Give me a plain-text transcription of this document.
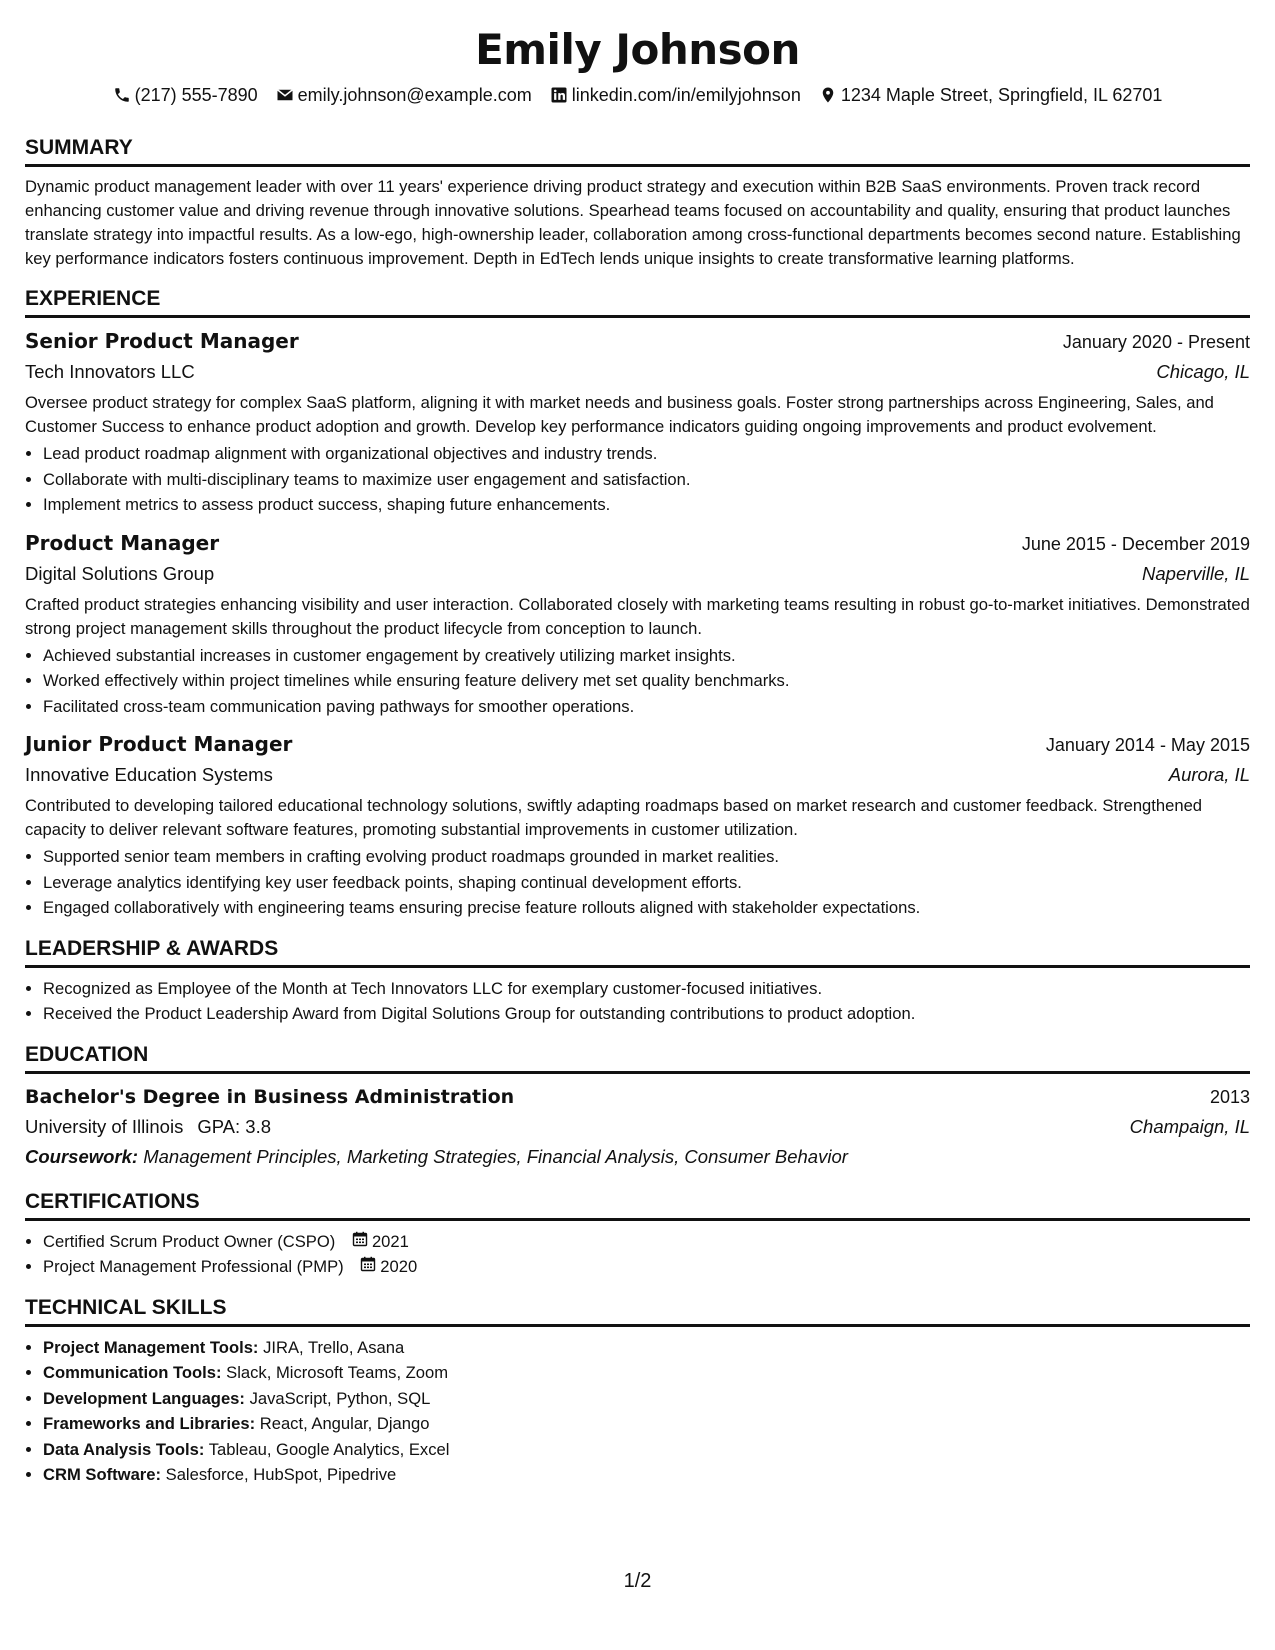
Emily Johnson
(217) 555-7890 emily.johnson@example.com linkedin.com/in/emilyjohnson 1234 Maple Street, Springfield, IL 62701
SUMMARY

Dynamic product management leader with over 11 years' experience driving product strategy and execution within B2B SaaS environments. Proven track record enhancing customer value and driving revenue through innovative solutions. Spearhead teams focused on accountability and quality, ensuring that product launches translate strategy into impactful results. As a low-ego, high-ownership leader, collaboration among cross-functional departments becomes second nature. Establishing key performance indicators fosters continuous improvement. Depth in EdTech lends unique insights to create transformative learning platforms.

EXPERIENCE
Senior Product Manager	January 2020 - Present
Tech Innovators LLC	Chicago, IL

Oversee product strategy for complex SaaS platform, aligning it with market needs and business goals. Foster strong partnerships across Engineering, Sales, and Customer Success to enhance product adoption and growth. Develop key performance indicators guiding ongoing improvements and product evolvement.

• Lead product roadmap alignment with organizational objectives and industry trends.
• Collaborate with multi-disciplinary teams to maximize user engagement and satisfaction.
• Implement metrics to assess product success, shaping future enhancements.
Product Manager	June 2015 - December 2019
Digital Solutions Group	Naperville, IL

Crafted product strategies enhancing visibility and user interaction. Collaborated closely with marketing teams resulting in robust go-to-market initiatives. Demonstrated strong project management skills throughout the product lifecycle from conception to launch.

• Achieved substantial increases in customer engagement by creatively utilizing market insights.
• Worked effectively within project timelines while ensuring feature delivery met set quality benchmarks.
• Facilitated cross-team communication paving pathways for smoother operations.
Junior Product Manager	January 2014 - May 2015
Innovative Education Systems	Aurora, IL

Contributed to developing tailored educational technology solutions, swiftly adapting roadmaps based on market research and customer feedback. Strengthened capacity to deliver relevant software features, promoting substantial improvements in customer utilization.

• Supported senior team members in crafting evolving product roadmaps grounded in market realities.
• Leverage analytics identifying key user feedback points, shaping continual development efforts.
• Engaged collaboratively with engineering teams ensuring precise feature rollouts aligned with stakeholder expectations.
LEADERSHIP & AWARDS
• Recognized as Employee of the Month at Tech Innovators LLC for exemplary customer-focused initiatives.
• Received the Product Leadership Award from Digital Solutions Group for outstanding contributions to product adoption.
EDUCATION
Bachelor's Degree in Business Administration	2013
University of Illinois GPA: 3.8	Champaign, IL
Coursework: Management Principles, Marketing Strategies, Financial Analysis, Consumer Behavior
CERTIFICATIONS
• Certified Scrum Product Owner (CSPO) 2021
• Project Management Professional (PMP) 2020
TECHNICAL SKILLS
• Project Management Tools: JIRA, Trello, Asana
• Communication Tools: Slack, Microsoft Teams, Zoom
• Development Languages: JavaScript, Python, SQL
• Frameworks and Libraries: React, Angular, Django
• Data Analysis Tools: Tableau, Google Analytics, Excel
• CRM Software: Salesforce, HubSpot, Pipedrive
1/2
